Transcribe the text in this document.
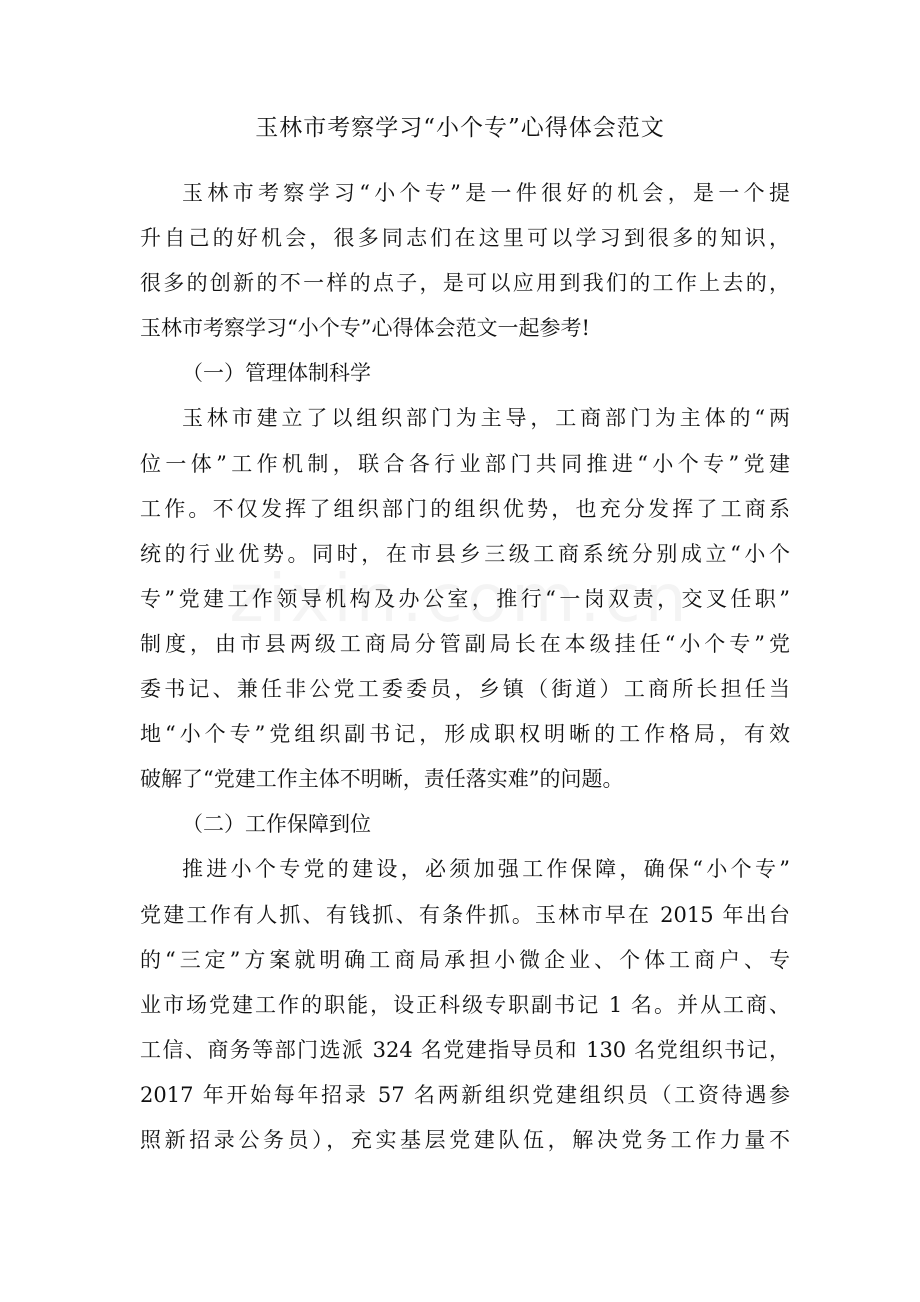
玉林市考察学习“小个专”心得体会范文

玉林市考察学习“小个专”是一件很好的机会，是一个提

升自己的好机会，很多同志们在这里可以学习到很多的知识，

很多的创新的不一样的点子，是可以应用到我们的工作上去的，

玉林市考察学习“小个专”心得体会范文一起参考!

（一）管理体制科学

玉林市建立了以组织部门为主导，工商部门为主体的“两

位一体”工作机制，联合各行业部门共同推进“小个专”党建

工作。不仅发挥了组织部门的组织优势，也充分发挥了工商系

统的行业优势。同时，在市县乡三级工商系统分别成立“小个

专”党建工作领导机构及办公室，推行“一岗双责，交叉任职”

制度，由市县两级工商局分管副局长在本级挂任“小个专”党

委书记、兼任非公党工委委员，乡镇（街道）工商所长担任当

地“小个专”党组织副书记，形成职权明晰的工作格局，有效

破解了“党建工作主体不明晰，责任落实难”的问题。

（二）工作保障到位

推进小个专党的建设，必须加强工作保障，确保“小个专”

党建工作有人抓、有钱抓、有条件抓。玉林市早在 2015 年出台

的“三定”方案就明确工商局承担小微企业、个体工商户、专

业市场党建工作的职能，设正科级专职副书记 1 名。并从工商、

工信、商务等部门选派 324 名党建指导员和 130 名党组织书记，

2017 年开始每年招录 57 名两新组织党建组织员（工资待遇参

照新招录公务员），充实基层党建队伍，解决党务工作力量不
